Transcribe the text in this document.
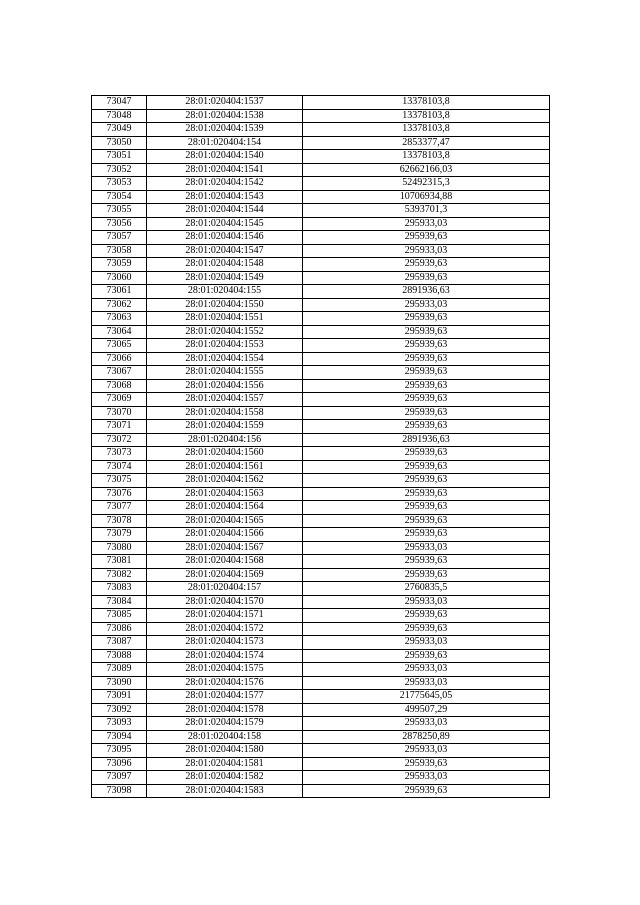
73047	28:01:020404:1537	13378103,8
73048	28:01:020404:1538	13378103,8
73049	28:01:020404:1539	13378103,8
73050	28:01:020404:154	2853377,47
73051	28:01:020404:1540	13378103,8
73052	28:01:020404:1541	62662166,03
73053	28:01:020404:1542	52492315,3
73054	28:01:020404:1543	10706934,88
73055	28:01:020404:1544	5393701,3
73056	28:01:020404:1545	295933,03
73057	28:01:020404:1546	295939,63
73058	28:01:020404:1547	295933,03
73059	28:01:020404:1548	295939,63
73060	28:01:020404:1549	295939,63
73061	28:01:020404:155	2891936,63
73062	28:01:020404:1550	295933,03
73063	28:01:020404:1551	295939,63
73064	28:01:020404:1552	295939,63
73065	28:01:020404:1553	295939,63
73066	28:01:020404:1554	295939,63
73067	28:01:020404:1555	295939,63
73068	28:01:020404:1556	295939,63
73069	28:01:020404:1557	295939,63
73070	28:01:020404:1558	295939,63
73071	28:01:020404:1559	295939,63
73072	28:01:020404:156	2891936,63
73073	28:01:020404:1560	295939,63
73074	28:01:020404:1561	295939,63
73075	28:01:020404:1562	295939,63
73076	28:01:020404:1563	295939,63
73077	28:01:020404:1564	295939,63
73078	28:01:020404:1565	295939,63
73079	28:01:020404:1566	295939,63
73080	28:01:020404:1567	295933,03
73081	28:01:020404:1568	295939,63
73082	28:01:020404:1569	295939,63
73083	28:01:020404:157	2760835,5
73084	28:01:020404:1570	295933,03
73085	28:01:020404:1571	295939,63
73086	28:01:020404:1572	295939,63
73087	28:01:020404:1573	295933,03
73088	28:01:020404:1574	295939,63
73089	28:01:020404:1575	295933,03
73090	28:01:020404:1576	295933,03
73091	28:01:020404:1577	21775645,05
73092	28:01:020404:1578	499507,29
73093	28:01:020404:1579	295933,03
73094	28:01:020404:158	2878250,89
73095	28:01:020404:1580	295933,03
73096	28:01:020404:1581	295939,63
73097	28:01:020404:1582	295933,03
73098	28:01:020404:1583	295939,63
